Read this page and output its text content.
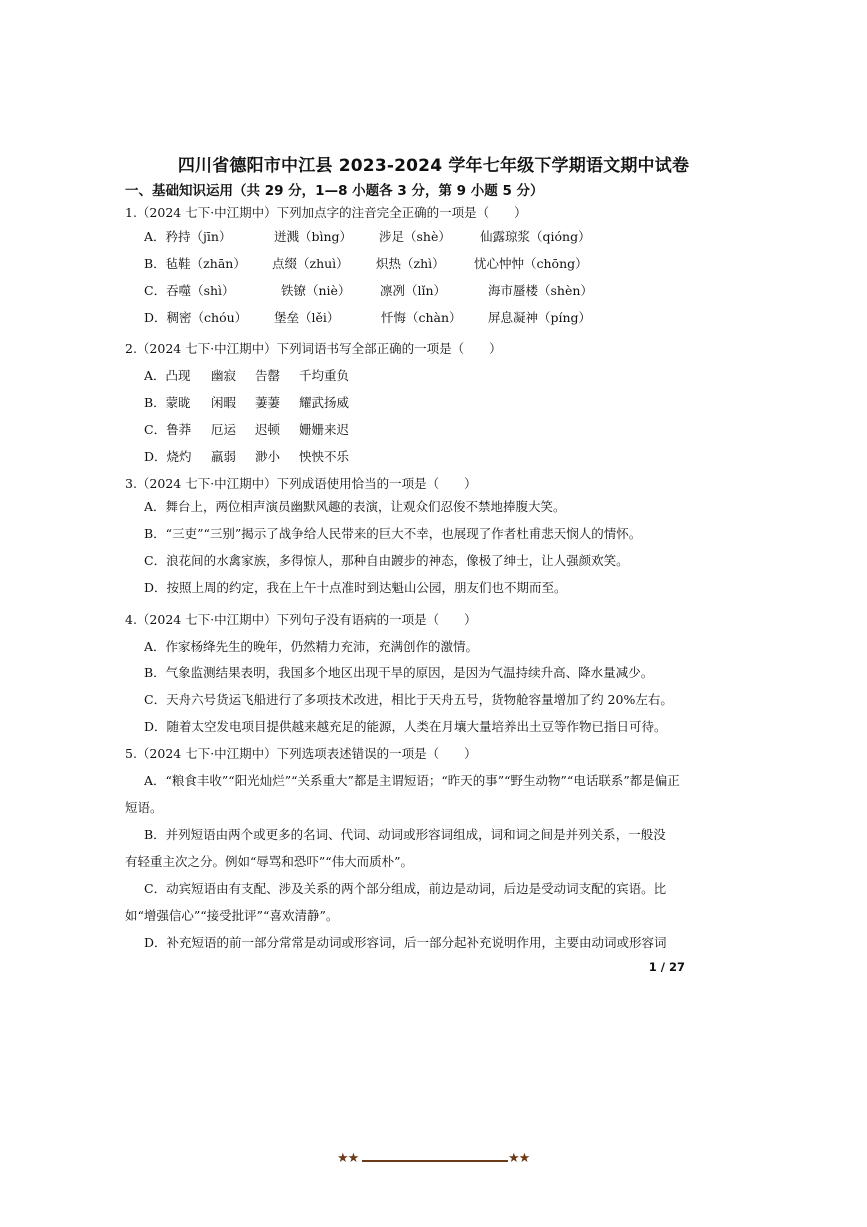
四川省德阳市中江县 2023-2024 学年七年级下学期语文期中试卷
一、基础知识运用（共 29 分，1—8 小题各 3 分，第 9 小题 5 分）
1.（2024 七下·中江期中）下列加点字的注音完全正确的一项是（　　）
A．矜持（jīn）	迸溅（bìng） 涉足（shè） 仙露琼浆（qióng）
B．毡鞋（zhān） 点缀（zhuì） 炽热（zhì） 忧心忡忡（chōng）
C．吞噬（shì）	铁镣（niè） 凛冽（lǐn）	海市蜃楼（shèn）
D．稠密（chóu） 堡垒（lěi）	忏悔（chàn） 屏息凝神（píng）
2.（2024 七下·中江期中）下列词语书写全部正确的一项是（　　）
A．凸现 幽寂 告罄 千均重负
B．蒙昽 闲暇 萋萋 耀武扬威
C．鲁莽 厄运 迟顿 姗姗来迟
D．烧灼 羸弱 渺小 怏怏不乐
3.（2024 七下·中江期中）下列成语使用恰当的一项是（　　）
A．舞台上，两位相声演员幽默风趣的表演，让观众们忍俊不禁地捧腹大笑。
B．“三吏”“三别”揭示了战争给人民带来的巨大不幸，也展现了作者杜甫悲天悯人的情怀。
C．浪花间的水禽家族，多得惊人，那种自由踱步的神态，像极了绅士，让人强颜欢笑。
D．按照上周的约定，我在上午十点准时到达魁山公园，朋友们也不期而至。
4.（2024 七下·中江期中）下列句子没有语病的一项是（　　）
A．作家杨绛先生的晚年，仍然精力充沛，充满创作的激情。
B．气象监测结果表明，我国多个地区出现干旱的原因，是因为气温持续升高、降水量减少。
C．天舟六号货运飞船进行了多项技术改进，相比于天舟五号，货物舱容量增加了约 20%左右。
D．随着太空发电项目提供越来越充足的能源，人类在月壤大量培养出土豆等作物已指日可待。
5.（2024 七下·中江期中）下列选项表述错误的一项是（　　）
A．“粮食丰收”“阳光灿烂”“关系重大”都是主谓短语；“昨天的事”“野生动物”“电话联系”都是偏正
短语。
B．并列短语由两个或更多的名词、代词、动词或形容词组成，词和词之间是并列关系，一般没
有轻重主次之分。例如“辱骂和恐吓”“伟大而质朴”。
C．动宾短语由有支配、涉及关系的两个部分组成，前边是动词，后边是受动词支配的宾语。比
如“增强信心”“接受批评”“喜欢清静”。
D．补充短语的前一部分常常是动词或形容词，后一部分起补充说明作用，主要由动词或形容词
1 / 27
★★	★★
